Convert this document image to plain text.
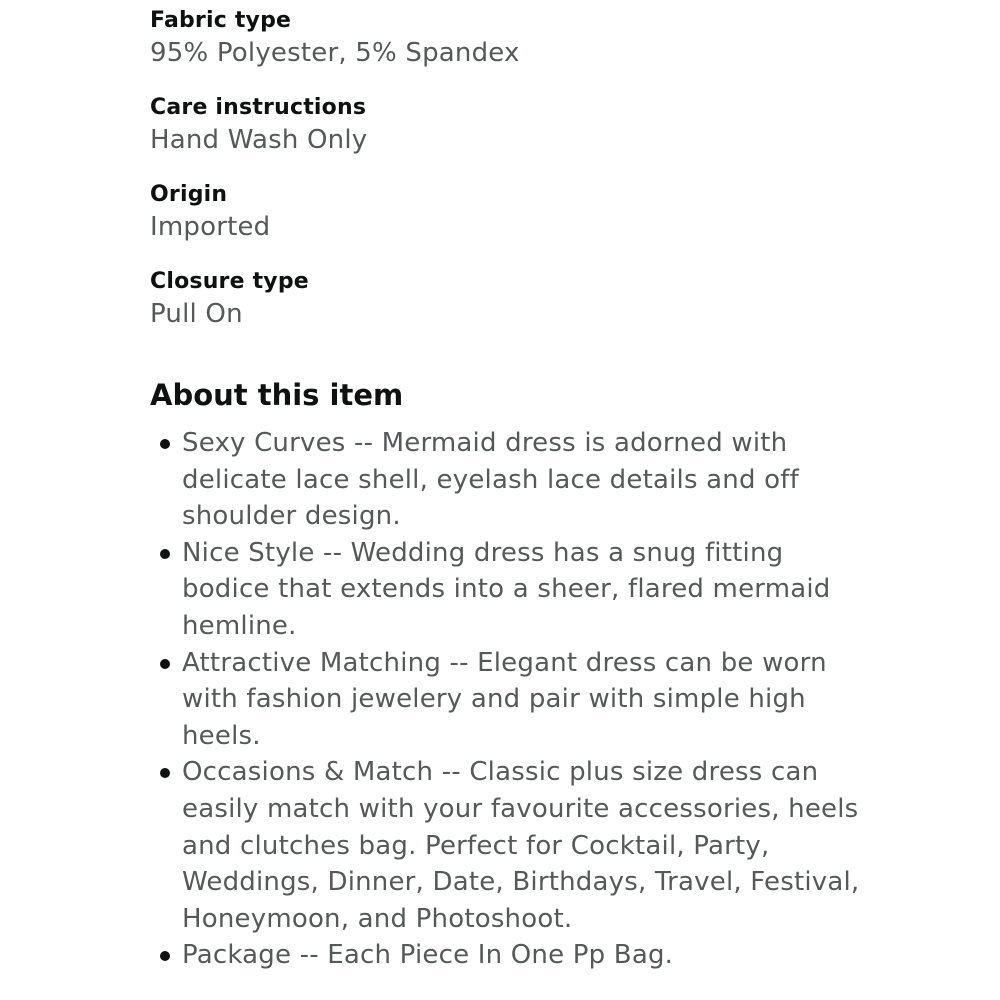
Fabric type
95% Polyester, 5% Spandex
Care instructions
Hand Wash Only
Origin
Imported
Closure type
Pull On
About this item
Sexy Curves -- Mermaid dress is adorned with delicate lace shell, eyelash lace details and off shoulder design.
Nice Style -- Wedding dress has a snug fitting bodice that extends into a sheer, flared mermaid hemline.
Attractive Matching -- Elegant dress can be worn with fashion jewelery and pair with simple high heels.
Occasions & Match -- Classic plus size dress can easily match with your favourite accessories, heels and clutches bag. Perfect for Cocktail, Party, Weddings, Dinner, Date, Birthdays, Travel, Festival, Honeymoon, and Photoshoot.
Package -- Each Piece In One Pp Bag.
